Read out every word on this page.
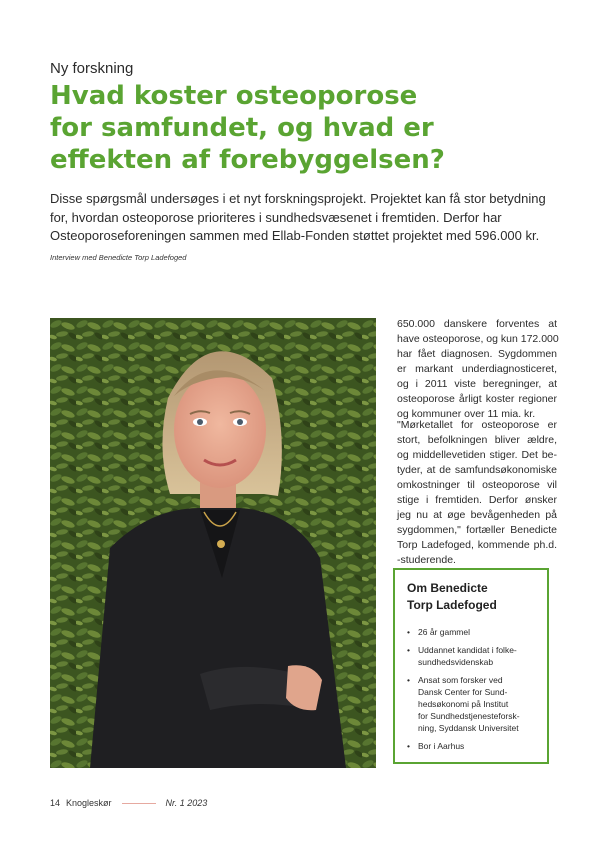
Ny forskning
Hvad koster osteoporose
for samfundet, og hvad er
effekten af forebyggelsen?
Disse spørgsmål undersøges i et nyt forskningsprojekt. Projektet kan få stor betydning
for, hvordan osteoporose prioriteres i sundhedsvæsenet i fremtiden. Derfor har
Osteoporoseforeningen sammen med Ellab-Fonden støttet projektet med 596.000 kr.
Interview med Benedicte Torp Ladefoged
650.000 danskere forventes at
have osteoporose, og kun 172.000
har fået diagnosen. Sygdommen
er markant underdiagnosticeret,
og i 2011 viste beregninger, at
osteoporose årligt koster regioner
og kommuner over 11 mia. kr.
"Mørketallet for osteoporose er
stort, befolkningen bliver ældre,
og middellevetiden stiger. Det be-
tyder, at de samfundsøkonomiske
omkostninger til osteoporose vil
stige i fremtiden. Derfor ønsker
jeg nu at øge bevågenheden på
sygdommen," fortæller Benedicte
Torp Ladefoged, kommende ph.d.
-studerende.
Om Benedicte
Torp Ladefoged
• 26 år gammel
• Uddannet kandidat i folke-
sundhedsvidenskab
• Ansat som forsker ved
Dansk Center for Sund-
hedsøkonomi på Institut
for Sundhedstjenesteforsk-
ning, Syddansk Universitet
• Bor i Aarhus
14 Knogleskør	Nr. 1 2023
